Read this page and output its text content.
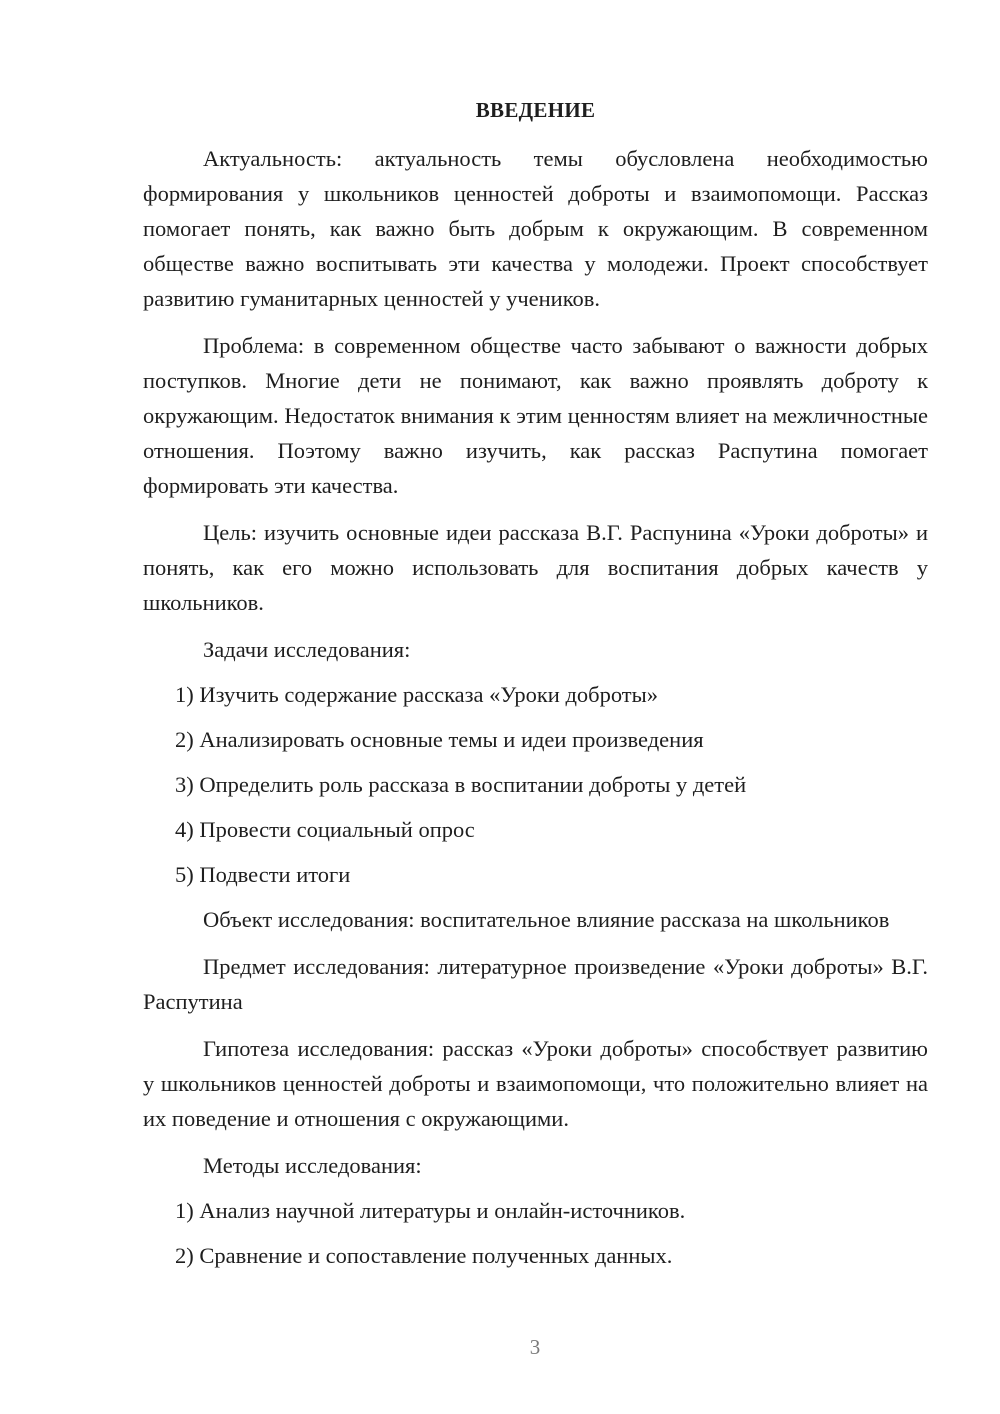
ВВЕДЕНИЕ

Актуальность: актуальность темы обусловлена необходимостью формирования у школьников ценностей доброты и взаимопомощи. Рассказ помогает понять, как важно быть добрым к окружающим. В современном обществе важно воспитывать эти качества у молодежи. Проект способствует развитию гуманитарных ценностей у учеников.

Проблема: в современном обществе часто забывают о важности добрых поступков. Многие дети не понимают, как важно проявлять доброту к окружающим. Недостаток внимания к этим ценностям влияет на межличностные отношения. Поэтому важно изучить, как рассказ Распутина помогает формировать эти качества.

Цель: изучить основные идеи рассказа В.Г. Распунина «Уроки доброты» и понять, как его можно использовать для воспитания добрых качеств у школьников.

Задачи исследования:

1) Изучить содержание рассказа «Уроки доброты»
2) Анализировать основные темы и идеи произведения
3) Определить роль рассказа в воспитании доброты у детей
4) Провести социальный опрос
5) Подвести итоги

Объект исследования: воспитательное влияние рассказа на школьников

Предмет исследования: литературное произведение «Уроки доброты» В.Г. Распутина

Гипотеза исследования: рассказ «Уроки доброты» способствует развитию у школьников ценностей доброты и взаимопомощи, что положительно влияет на их поведение и отношения с окружающими.

Методы исследования:

1) Анализ научной литературы и онлайн-источников.
2) Сравнение и сопоставление полученных данных.
3
